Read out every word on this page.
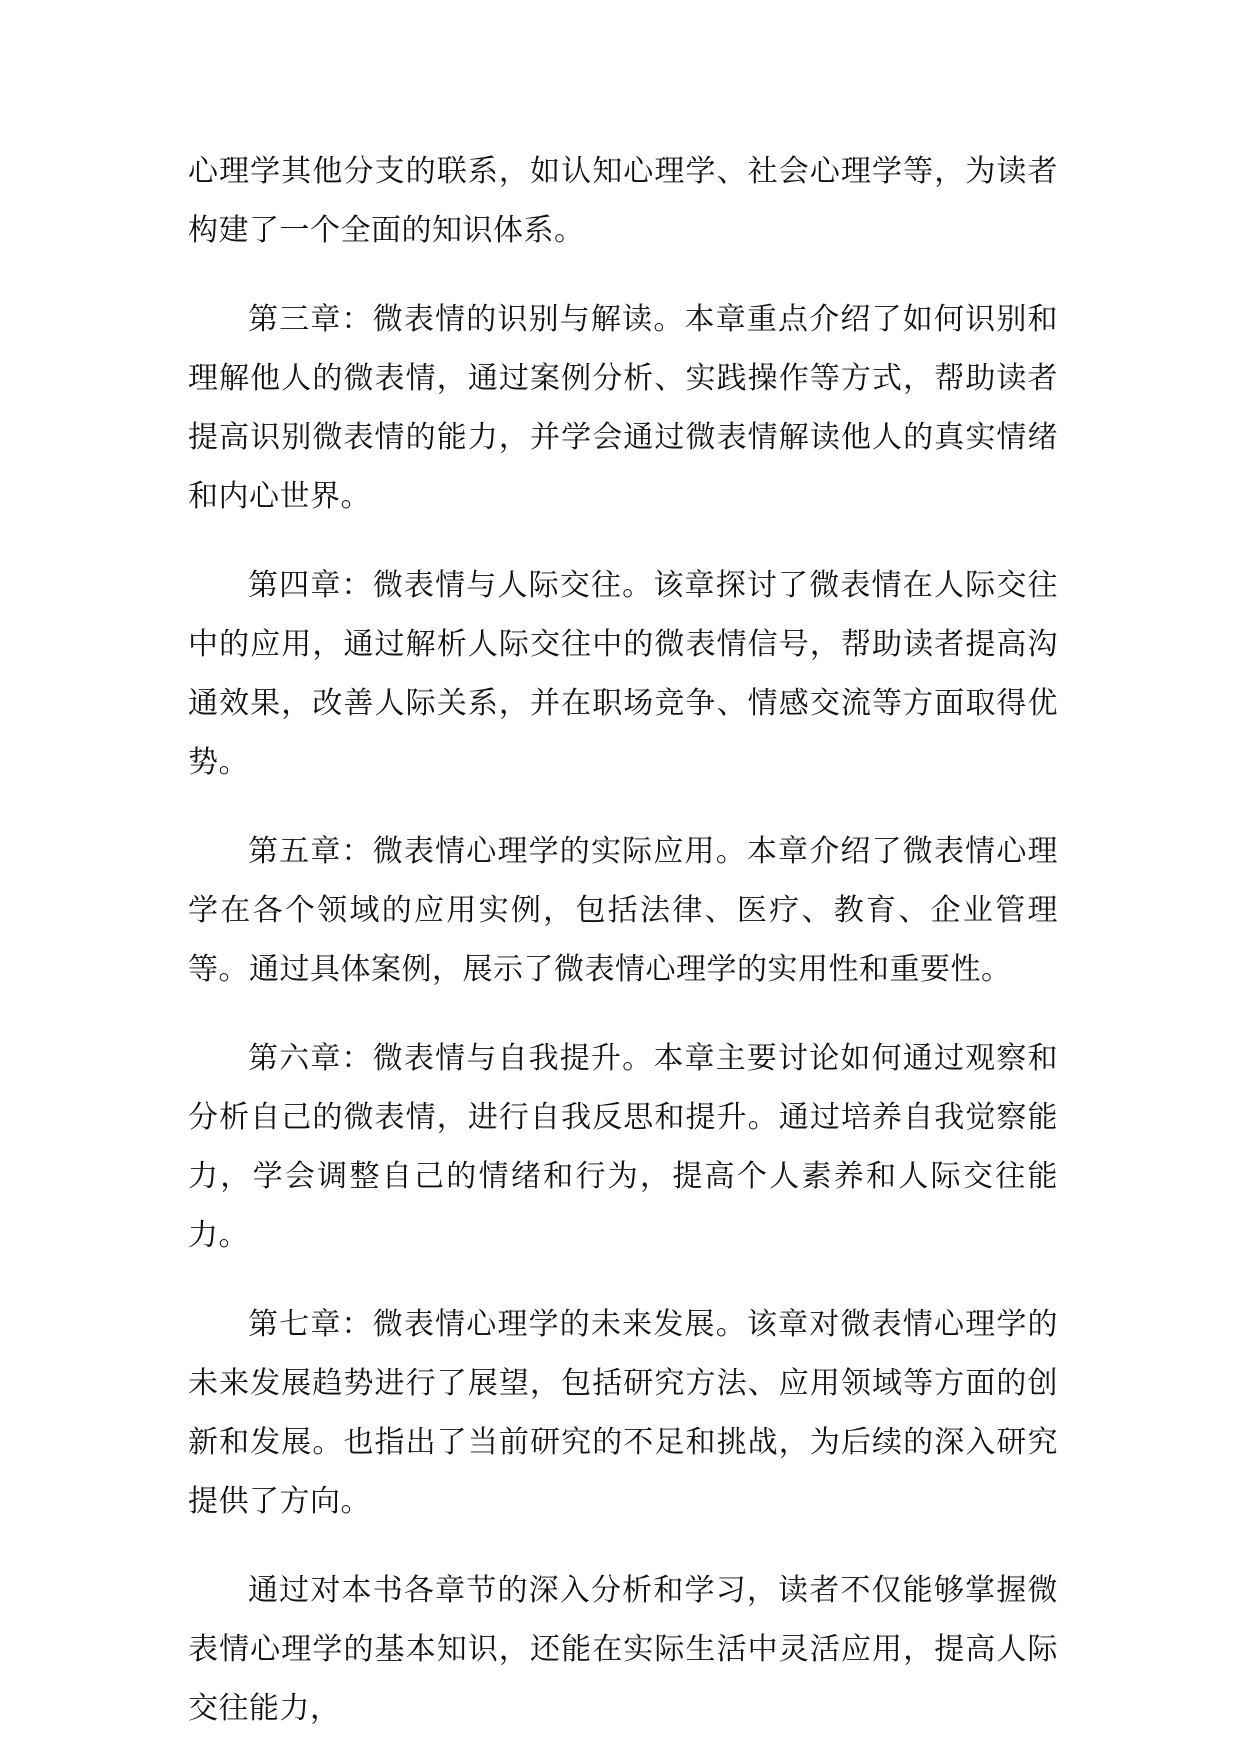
心理学其他分支的联系，如认知心理学、社会心理学等，为读者构建了一个全面的知识体系。

第三章：微表情的识别与解读。本章重点介绍了如何识别和理解他人的微表情，通过案例分析、实践操作等方式，帮助读者提高识别微表情的能力，并学会通过微表情解读他人的真实情绪和内心世界。

第四章：微表情与人际交往。该章探讨了微表情在人际交往中的应用，通过解析人际交往中的微表情信号，帮助读者提高沟通效果，改善人际关系，并在职场竞争、情感交流等方面取得优势。

第五章：微表情心理学的实际应用。本章介绍了微表情心理学在各个领域的应用实例，包括法律、医疗、教育、企业管理等。通过具体案例，展示了微表情心理学的实用性和重要性。

第六章：微表情与自我提升。本章主要讨论如何通过观察和分析自己的微表情，进行自我反思和提升。通过培养自我觉察能力，学会调整自己的情绪和行为，提高个人素养和人际交往能力。

第七章：微表情心理学的未来发展。该章对微表情心理学的未来发展趋势进行了展望，包括研究方法、应用领域等方面的创新和发展。也指出了当前研究的不足和挑战，为后续的深入研究提供了方向。

通过对本书各章节的深入分析和学习，读者不仅能够掌握微表情心理学的基本知识，还能在实际生活中灵活应用，提高人际交往能力，
